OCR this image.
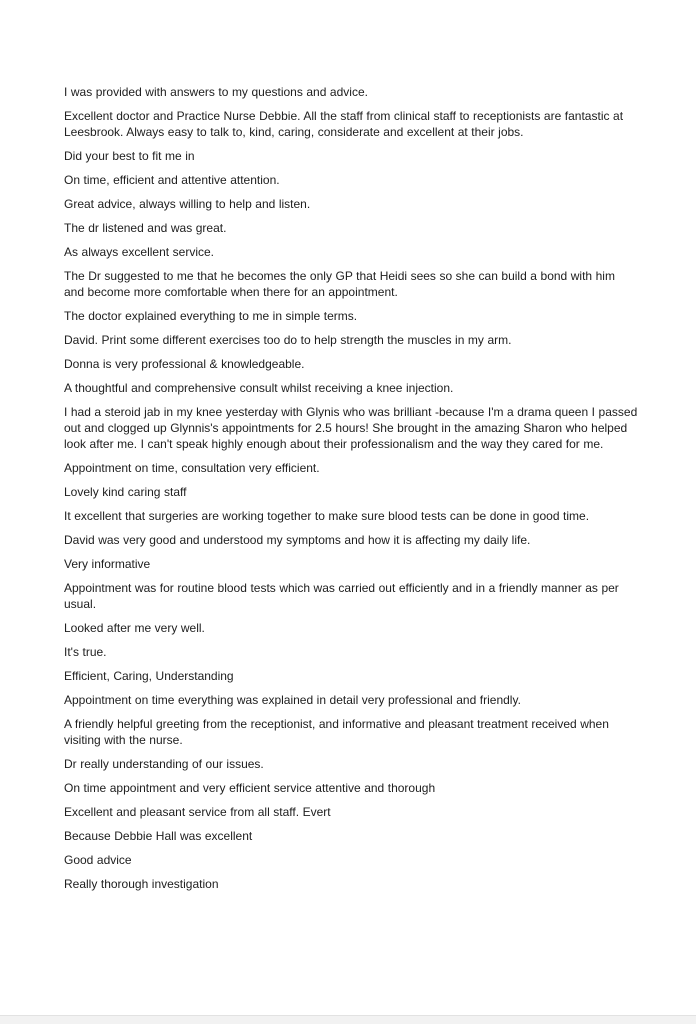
I was provided with answers to my questions and advice.

Excellent doctor and Practice Nurse Debbie. All the staff from clinical staff to receptionists are fantastic at Leesbrook. Always easy to talk to, kind, caring, considerate and excellent at their jobs.

Did your best to fit me in

On time, efficient and attentive attention.

Great advice, always willing to help and listen.

The dr listened and was great.

As always excellent service.

The Dr suggested to me that he becomes the only GP that Heidi sees so she can build a bond with him and become more comfortable when there for an appointment.

The doctor explained everything to me in simple terms.

David. Print some different exercises too do to help strength the muscles in my arm.

Donna is very professional & knowledgeable.

A thoughtful and comprehensive consult whilst receiving a knee injection.

I had a steroid jab in my knee yesterday with Glynis who was brilliant -because I'm a drama queen I passed out and clogged up Glynnis's appointments for 2.5 hours! She brought in the amazing Sharon who helped look after me. I can't speak highly enough about their professionalism and the way they cared for me.

Appointment on time, consultation very efficient.

Lovely kind caring staff

It excellent that surgeries are working together to make sure blood tests can be done in good time.

David was very good and understood my symptoms and how it is affecting my daily life.

Very informative

Appointment was for routine blood tests which was carried out efficiently and in a friendly manner as per usual.

Looked after me very well.

It's true.

Efficient, Caring, Understanding

Appointment on time everything was explained in detail very professional and friendly.

A friendly helpful greeting from the receptionist, and informative and pleasant treatment received when visiting with the nurse.

Dr really understanding of our issues.

On time appointment and very efficient service attentive and thorough

Excellent and pleasant service from all staff. Evert

Because Debbie Hall was excellent

Good advice

Really thorough investigation
